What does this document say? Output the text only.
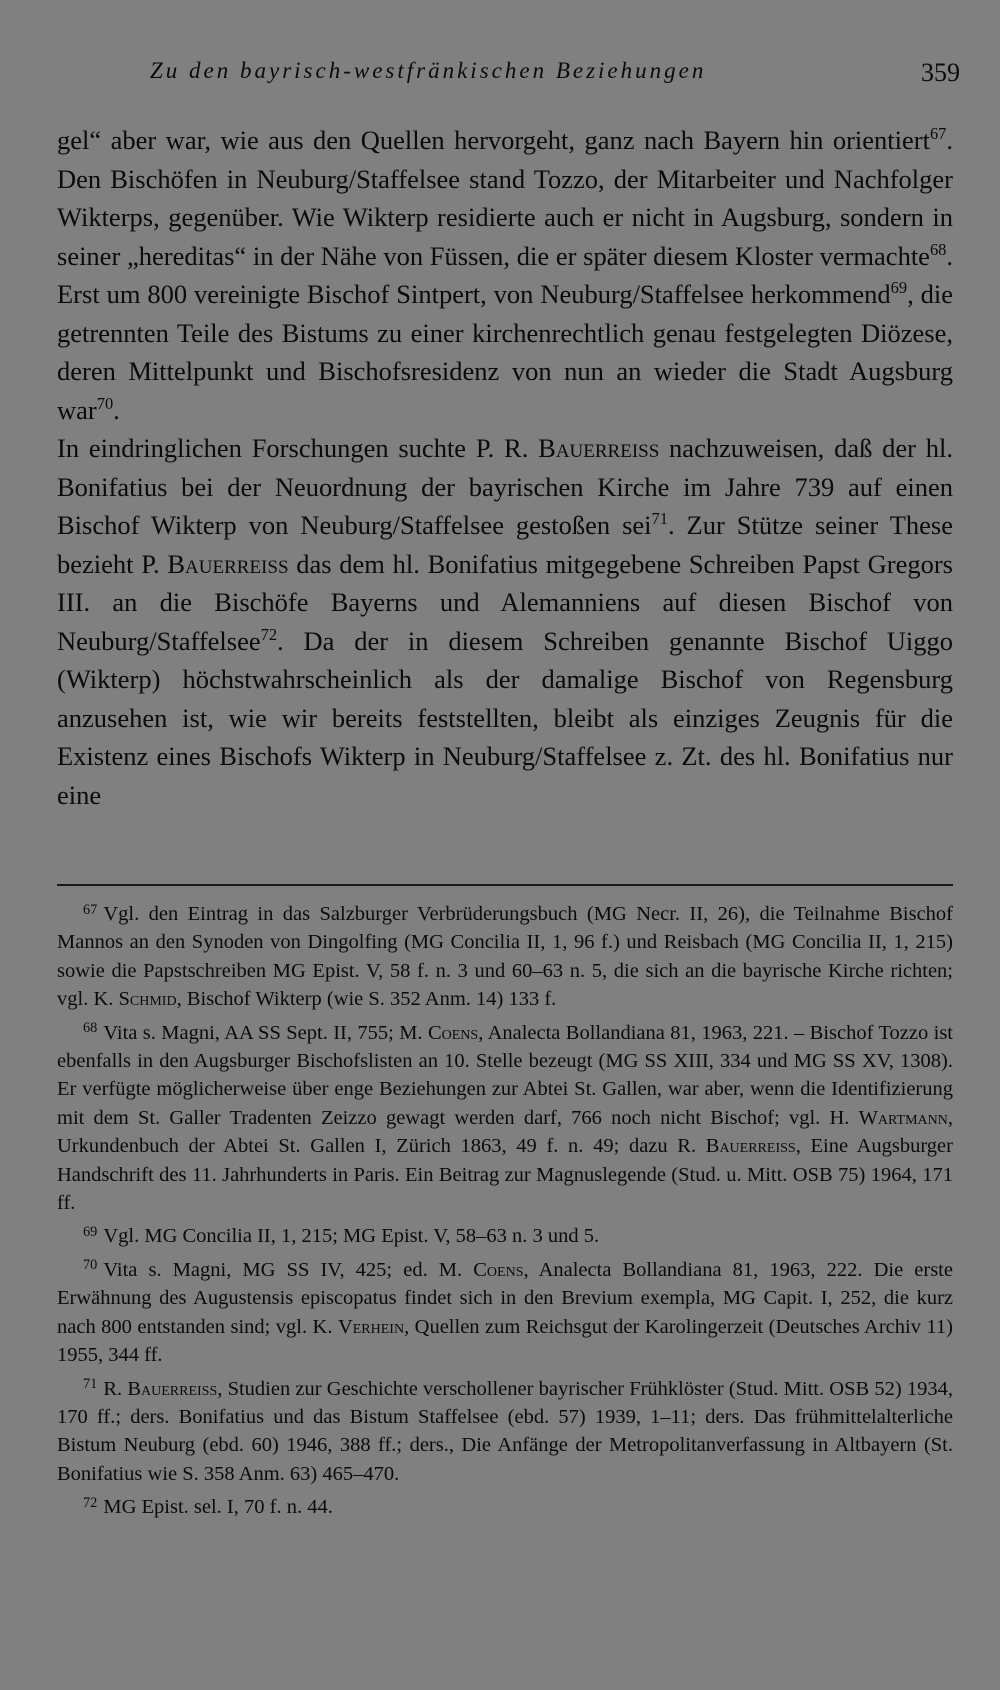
Zu den bayrisch-westfränkischen Beziehungen	359

gel“ aber war, wie aus den Quellen hervorgeht, ganz nach Bayern hin orientiert$^{67}$. Den Bischöfen in Neuburg/Staffelsee stand Tozzo, der Mitarbeiter und Nachfolger Wikterps, gegenüber. Wie Wikterp residierte auch er nicht in Augsburg, sondern in seiner „hereditas“ in der Nähe von Füssen, die er später diesem Kloster vermachte$^{68}$. Erst um 800 vereinigte Bischof Sintpert, von Neuburg/Staffelsee herkommend$^{69}$, die getrennten Teile des Bistums zu einer kirchenrechtlich genau festgelegten Diözese, deren Mittelpunkt und Bischofsresidenz von nun an wieder die Stadt Augsburg war$^{70}$.

In eindringlichen Forschungen suchte P. R. Bauerreiss nachzuweisen, daß der hl. Bonifatius bei der Neuordnung der bayrischen Kirche im Jahre 739 auf einen Bischof Wikterp von Neuburg/Staffelsee gestoßen sei$^{71}$. Zur Stütze seiner These bezieht P. Bauerreiss das dem hl. Bonifatius mitgegebene Schreiben Papst Gregors III. an die Bischöfe Bayerns und Alemanniens auf diesen Bischof von Neuburg/Staffelsee$^{72}$. Da der in diesem Schreiben genannte Bischof Uiggo (Wikterp) höchstwahrscheinlich als der damalige Bischof von Regensburg anzusehen ist, wie wir bereits feststellten, bleibt als einziges Zeugnis für die Existenz eines Bischofs Wikterp in Neuburg/Staffelsee z. Zt. des hl. Bonifatius nur eine

$^{67}$ Vgl. den Eintrag in das Salzburger Verbrüderungsbuch (MG Necr. II, 26), die Teilnahme Bischof Mannos an den Synoden von Dingolfing (MG Concilia II, 1, 96 f.) und Reisbach (MG Concilia II, 1, 215) sowie die Papstschreiben MG Epist. V, 58 f. n. 3 und 60–63 n. 5, die sich an die bayrische Kirche richten; vgl. K. Schmid, Bischof Wikterp (wie S. 352 Anm. 14) 133 f.

$^{68}$ Vita s. Magni, AA SS Sept. II, 755; M. Coens, Analecta Bollandiana 81, 1963, 221. – Bischof Tozzo ist ebenfalls in den Augsburger Bischofslisten an 10. Stelle bezeugt (MG SS XIII, 334 und MG SS XV, 1308). Er verfügte möglicherweise über enge Beziehungen zur Abtei St. Gallen, war aber, wenn die Identifizierung mit dem St. Galler Tradenten Zeizzo gewagt werden darf, 766 noch nicht Bischof; vgl. H. Wartmann, Urkundenbuch der Abtei St. Gallen I, Zürich 1863, 49 f. n. 49; dazu R. Bauerreiss, Eine Augsburger Handschrift des 11. Jahrhunderts in Paris. Ein Beitrag zur Magnuslegende (Stud. u. Mitt. OSB 75) 1964, 171 ff.

$^{69}$ Vgl. MG Concilia II, 1, 215; MG Epist. V, 58–63 n. 3 und 5.

$^{70}$ Vita s. Magni, MG SS IV, 425; ed. M. Coens, Analecta Bollandiana 81, 1963, 222. Die erste Erwähnung des Augustensis episcopatus findet sich in den Brevium exempla, MG Capit. I, 252, die kurz nach 800 entstanden sind; vgl. K. Verhein, Quellen zum Reichsgut der Karolingerzeit (Deutsches Archiv 11) 1955, 344 ff.

$^{71}$ R. Bauerreiss, Studien zur Geschichte verschollener bayrischer Frühklöster (Stud. Mitt. OSB 52) 1934, 170 ff.; ders. Bonifatius und das Bistum Staffelsee (ebd. 57) 1939, 1–11; ders. Das frühmittelalterliche Bistum Neuburg (ebd. 60) 1946, 388 ff.; ders., Die Anfänge der Metropolitanverfassung in Altbayern (St. Bonifatius wie S. 358 Anm. 63) 465–470.

$^{72}$ MG Epist. sel. I, 70 f. n. 44.
